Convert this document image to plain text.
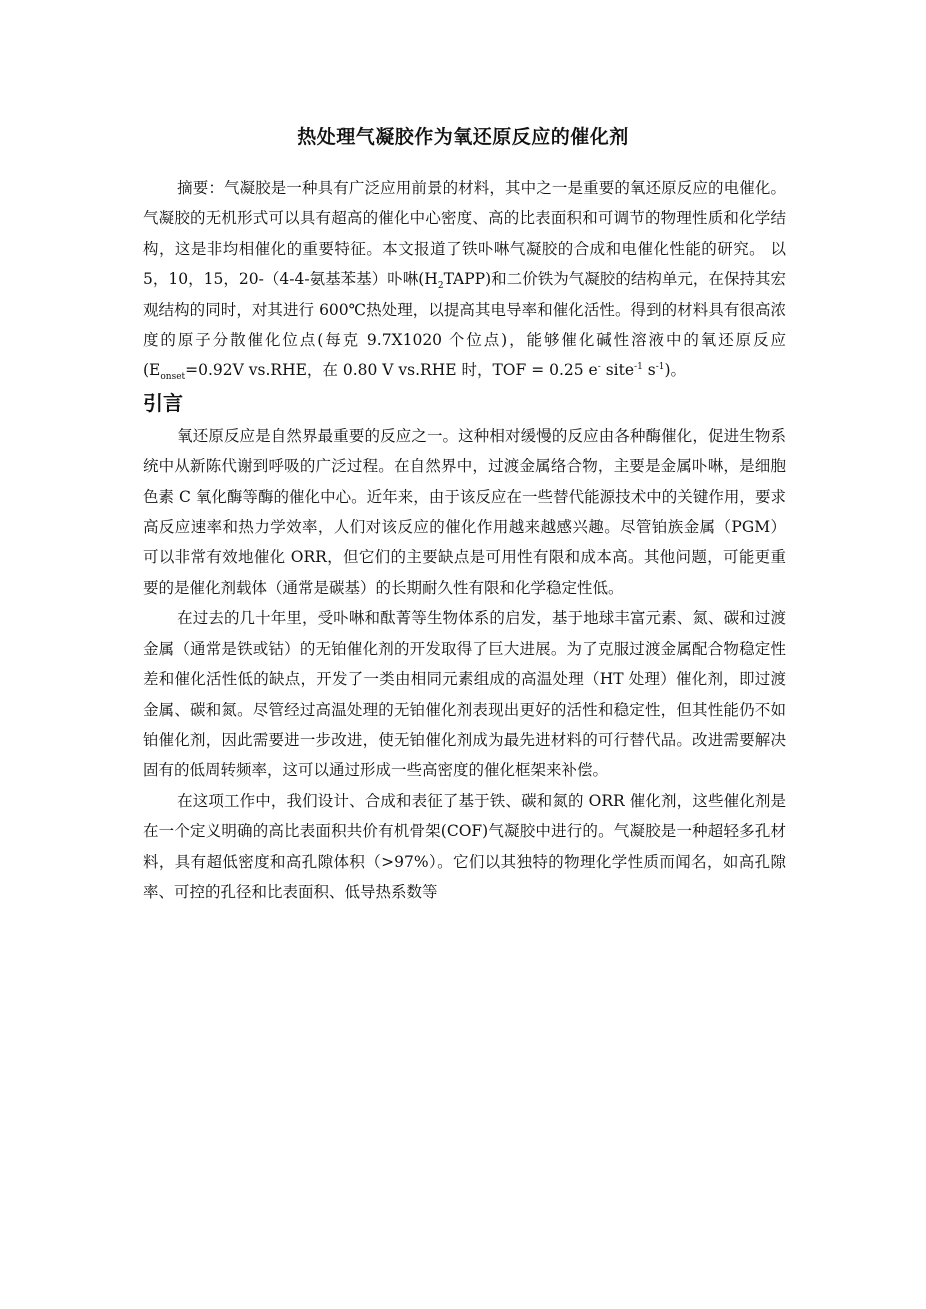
热处理气凝胶作为氧还原反应的催化剂

摘要：气凝胶是一种具有广泛应用前景的材料，其中之一是重要的氧还原反应的电催化。气凝胶的无机形式可以具有超高的催化中心密度、高的比表面积和可调节的物理性质和化学结构，这是非均相催化的重要特征。本文报道了铁卟啉气凝胶的合成和电催化性能的研究。 以 5，10，15，20-（4-4-氨基苯基）卟啉$(H_2TAPP)$和二价铁为气凝胶的结构单元，在保持其宏观结构的同时，对其进行 600℃热处理，以提高其电导率和催化活性。得到的材料具有很高浓度的原子分散催化位点(每克 9.7X1020 个位点)，能够催化碱性溶液中的氧还原反应($E_{onset}=0.92V$ vs.RHE，在 0.80 V vs.RHE 时，TOF = 0.25 e- site$^{-1}$ $s^{-1}$)。

引言

氧还原反应是自然界最重要的反应之一。这种相对缓慢的反应由各种酶催化，促进生物系统中从新陈代谢到呼吸的广泛过程。在自然界中，过渡金属络合物，主要是金属卟啉，是细胞色素 C 氧化酶等酶的催化中心。近年来，由于该反应在一些替代能源技术中的关键作用，要求高反应速率和热力学效率，人们对该反应的催化作用越来越感兴趣。尽管铂族金属（PGM）可以非常有效地催化 ORR，但它们的主要缺点是可用性有限和成本高。其他问题，可能更重要的是催化剂载体（通常是碳基）的长期耐久性有限和化学稳定性低。

在过去的几十年里，受卟啉和酞菁等生物体系的启发，基于地球丰富元素、氮、碳和过渡金属（通常是铁或钴）的无铂催化剂的开发取得了巨大进展。为了克服过渡金属配合物稳定性差和催化活性低的缺点，开发了一类由相同元素组成的高温处理（HT 处理）催化剂，即过渡金属、碳和氮。尽管经过高温处理的无铂催化剂表现出更好的活性和稳定性，但其性能仍不如铂催化剂，因此需要进一步改进，使无铂催化剂成为最先进材料的可行替代品。改进需要解决固有的低周转频率，这可以通过形成一些高密度的催化框架来补偿。

在这项工作中，我们设计、合成和表征了基于铁、碳和氮的 ORR 催化剂，这些催化剂是在一个定义明确的高比表面积共价有机骨架(COF)气凝胶中进行的。气凝胶是一种超轻多孔材料，具有超低密度和高孔隙体积（>97%）。它们以其独特的物理化学性质而闻名，如高孔隙率、可控的孔径和比表面积、低导热系数等
